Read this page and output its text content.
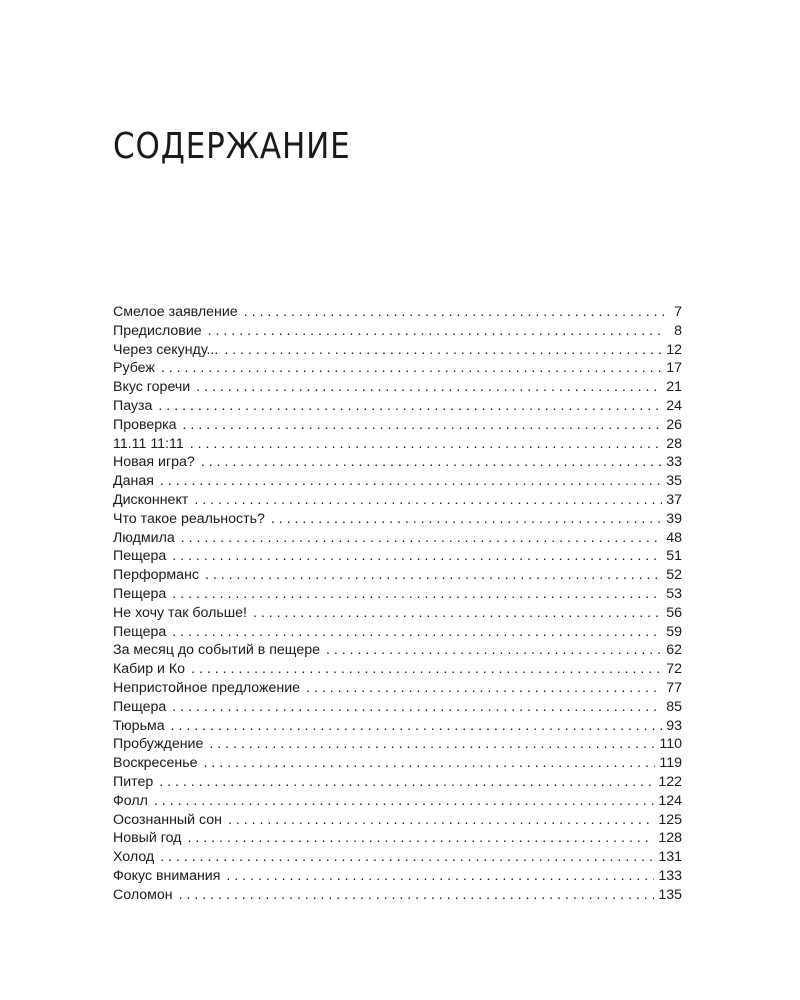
СОДЕРЖАНИЕ
Смелое заявление . . .	7
Предисловие . . .	8
Через секунду... . . .	12
Рубеж . . .	17
Вкус горечи . . .	21
Пауза . . .	24
Проверка . . .	26
11.11 11:11 . . .	28
Новая игра? . . .	33
Даная . . .	35
Дисконнект . . .	37
Что такое реальность? . . .	39
Людмила . . .	48
Пещера . . .	51
Перформанс . . .	52
Пещера . . .	53
Не хочу так больше! . . .	56
Пещера . . .	59
За месяц до событий в пещере . . .	62
Кабир и Ко . . .	72
Непристойное предложение . . .	77
Пещера . . .	85
Тюрьма . . .	93
Пробуждение . . .	110
Воскресенье . . .	119
Питер . . .	122
Фолл . . .	124
Осознанный сон . . .	125
Новый год . . .	128
Холод . . .	131
Фокус внимания . . .	133
Соломон . . .	135
